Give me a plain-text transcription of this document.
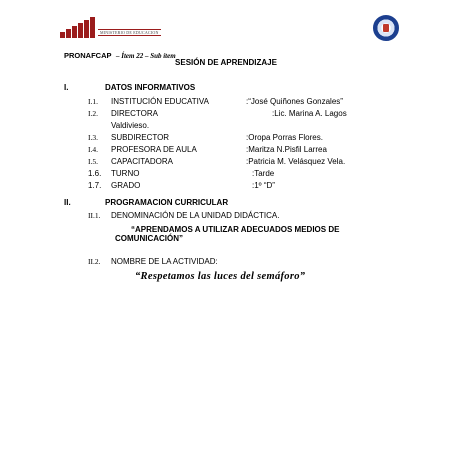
MINISTERIO DE EDUCACION
PRONAFCAP – Ítem 22 – Sub ítem
SESIÓN DE APRENDIZAJE
I.	DATOS INFORMATIVOS
I.1. INSTITUCIÓN EDUCATIVA	:“José Quiñones Gonzales”
I.2. DIRECTORA	:Lic. Marina A. Lagos
Valdivieso.
I.3. SUBDIRECTOR	:Oropa Porras Flores.
I.4. PROFESORA DE AULA	:Maritza N.Pisfil Larrea
I.5. CAPACITADORA	:Patricia M. Velásquez Vela.
1.6. TURNO	:Tarde
1.7. GRADO	:1º “D”
II.	PROGRAMACION CURRICULAR
II.1. DENOMINACIÓN DE LA UNIDAD DIDÁCTICA.
“APRENDAMOS A UTILIZAR ADECUADOS MEDIOS DE
COMUNICACIÓN”
II.2. NOMBRE DE LA ACTIVIDAD:
“Respetamos las luces del semáforo”
